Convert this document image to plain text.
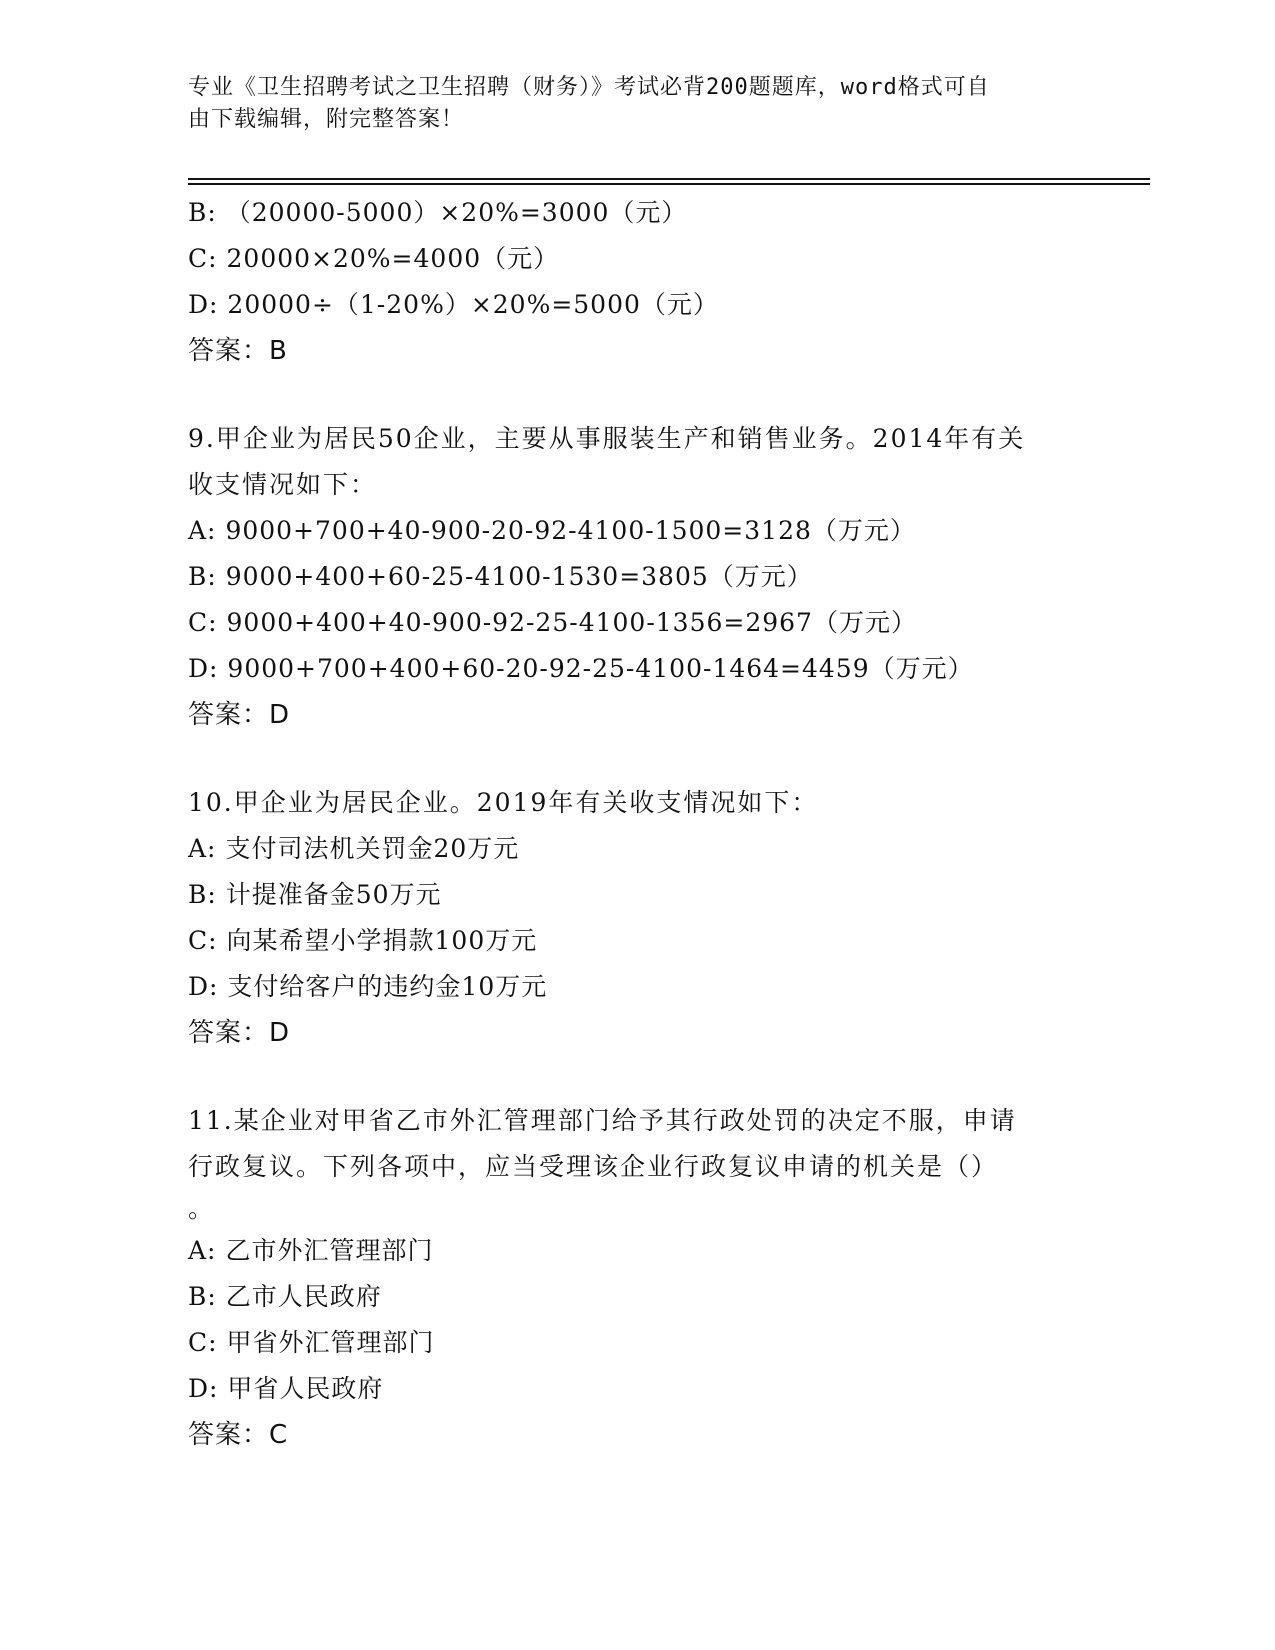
专业《卫生招聘考试之卫生招聘（财务）》考试必背200题题库，word格式可自
由下载编辑，附完整答案！
B: （20000-5000）×20%=3000（元）
C: 20000×20%=4000（元）
D: 20000÷（1-20%）×20%=5000（元）
答案：B
9.甲企业为居民50企业，主要从事服装生产和销售业务。2014年有关
收支情况如下：
A: 9000+700+40-900-20-92-4100-1500=3128（万元）
B: 9000+400+60-25-4100-1530=3805（万元）
C: 9000+400+40-900-92-25-4100-1356=2967（万元）
D: 9000+700+400+60-20-92-25-4100-1464=4459（万元）
答案：D
10.甲企业为居民企业。2019年有关收支情况如下：
A: 支付司法机关罚金20万元
B: 计提准备金50万元
C: 向某希望小学捐款100万元
D: 支付给客户的违约金10万元
答案：D
11.某企业对甲省乙市外汇管理部门给予其行政处罚的决定不服，申请
行政复议。下列各项中，应当受理该企业行政复议申请的机关是（）
。
A: 乙市外汇管理部门
B: 乙市人民政府
C: 甲省外汇管理部门
D: 甲省人民政府
答案：C
